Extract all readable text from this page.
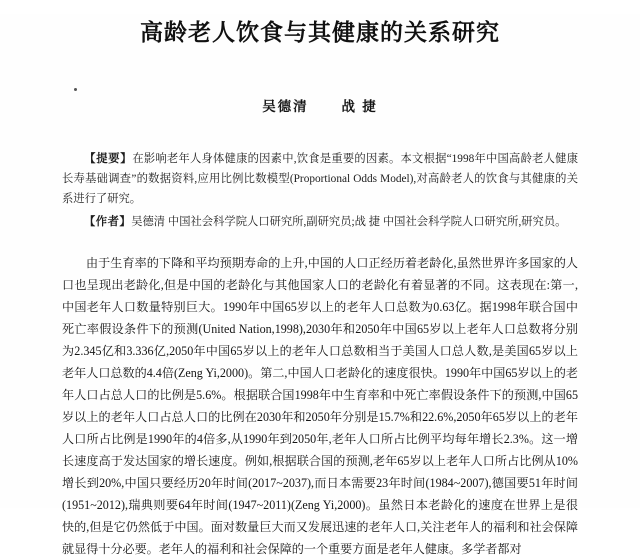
高龄老人饮食与其健康的关系研究
吴德清 战 捷

【提要】在影响老年人身体健康的因素中,饮食是重要的因素。本文根据“1998年中国高龄老人健康长寿基础调查”的数据资料,应用比例比数模型(Proportional Odds Model),对高龄老人的饮食与其健康的关系进行了研究。

【作者】吴德清 中国社会科学院人口研究所,副研究员;战 捷 中国社会科学院人口研究所,研究员。

由于生育率的下降和平均预期寿命的上升,中国的人口正经历着老龄化,虽然世界许多国家的人口也呈现出老龄化,但是中国的老龄化与其他国家人口的老龄化有着显著的不同。这表现在:第一,中国老年人口数量特别巨大。1990年中国65岁以上的老年人口总数为0.63亿。据1998年联合国中死亡率假设条件下的预测(United Nation,1998),2030年和2050年中国65岁以上老年人口总数将分别为2.345亿和3.336亿,2050年中国65岁以上的老年人口总数相当于美国人口总人数,是美国65岁以上老年人口总数的4.4倍(Zeng Yi,2000)。第二,中国人口老龄化的速度很快。1990年中国65岁以上的老年人口占总人口的比例是5.6%。根据联合国1998年中生育率和中死亡率假设条件下的预测,中国65岁以上的老年人口占总人口的比例在2030年和2050年分别是15.7%和22.6%,2050年65岁以上的老年人口所占比例是1990年的4倍多,从1990年到2050年,老年人口所占比例平均每年增长2.3%。这一增长速度高于发达国家的增长速度。例如,根据联合国的预测,老年65岁以上老年人口所占比例从10%增长到20%,中国只要经历20年时间(2017~2037),而日本需要23年时间(1984~2007),德国要51年时间(1951~2012),瑞典则要64年时间(1947~2011)(Zeng Yi,2000)。虽然日本老龄化的速度在世界上是很快的,但是它仍然低于中国。面对数量巨大而又发展迅速的老年人口,关注老年人的福利和社会保障就显得十分必要。老年人的福利和社会保障的一个重要方面是老年人健康。多学者都对
